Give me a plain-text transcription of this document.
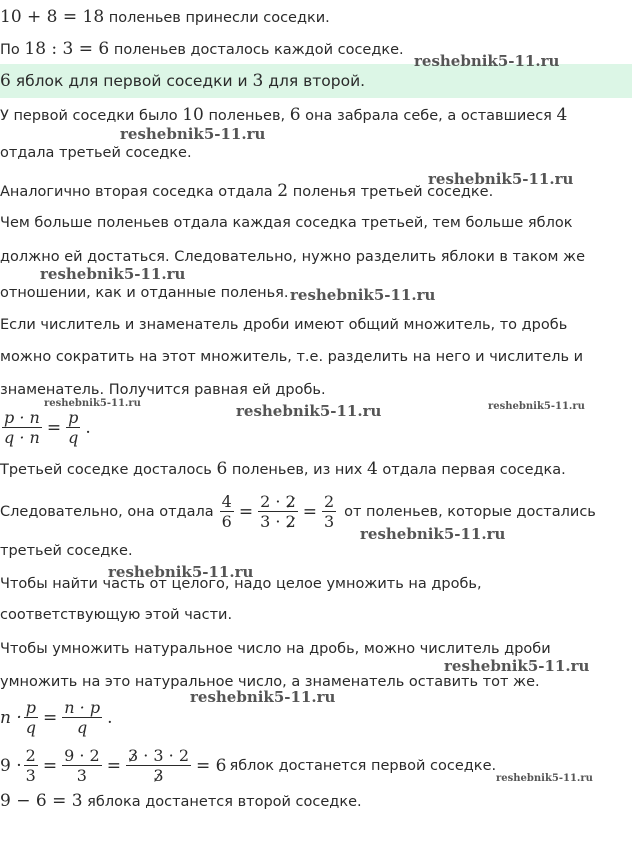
10 + 8 = 18 поленьев принесли соседки.
По 18 : 3 = 6 поленьев досталось каждой соседке.
6 яблок для первой соседки и 3 для второй.
У первой соседки было 10 поленьев, 6 она забрала себе, а оставшиеся 4
отдала третьей соседке.
Аналогично вторая соседка отдала 2 поленья третьей соседке.
Чем больше поленьев отдала каждая соседка третьей, тем больше яблок
должно ей достаться. Следовательно, нужно разделить яблоки в таком же
отношении, как и отданные поленья.
Если числитель и знаменатель дроби имеют общий множитель, то дробь
можно сократить на этот множитель, т.е. разделить на него и числитель и
знаменатель. Получится равная ей дробь.
$\frac{p \cdot n}{q \cdot n} = \frac{p}{q}$ .
Третьей соседке досталось 6 поленьев, из них 4 отдала первая соседка.
Следовательно, она отдала $\frac{4}{6} = \frac{2 \cdot 2}{3 \cdot 2} = \frac{2}{3}$ от поленьев, которые достались
третьей соседке.
Чтобы найти часть от целого, надо целое умножить на дробь,
соответствующую этой части.
Чтобы умножить натуральное число на дробь, можно числитель дроби
умножить на это натуральное число, а знаменатель оставить тот же.
$n \cdot \frac{p}{q} = \frac{n \cdot p}{q}$ .
$9 \cdot \frac{2}{3} = \frac{9 \cdot 2}{3} = \frac{3 \cdot 3 \cdot 2}{3} = 6$ яблок достанется первой соседке.
9 − 6 = 3 яблока достанется второй соседке.
reshebnik5-11.ru
reshebnik5-11.ru
reshebnik5-11.ru
reshebnik5-11.ru
reshebnik5-11.ru
reshebnik5-11.ru	reshebnik5-11.ru	reshebnik5-11.ru
reshebnik5-11.ru
reshebnik5-11.ru
reshebnik5-11.ru
reshebnik5-11.ru
reshebnik5-11.ru
